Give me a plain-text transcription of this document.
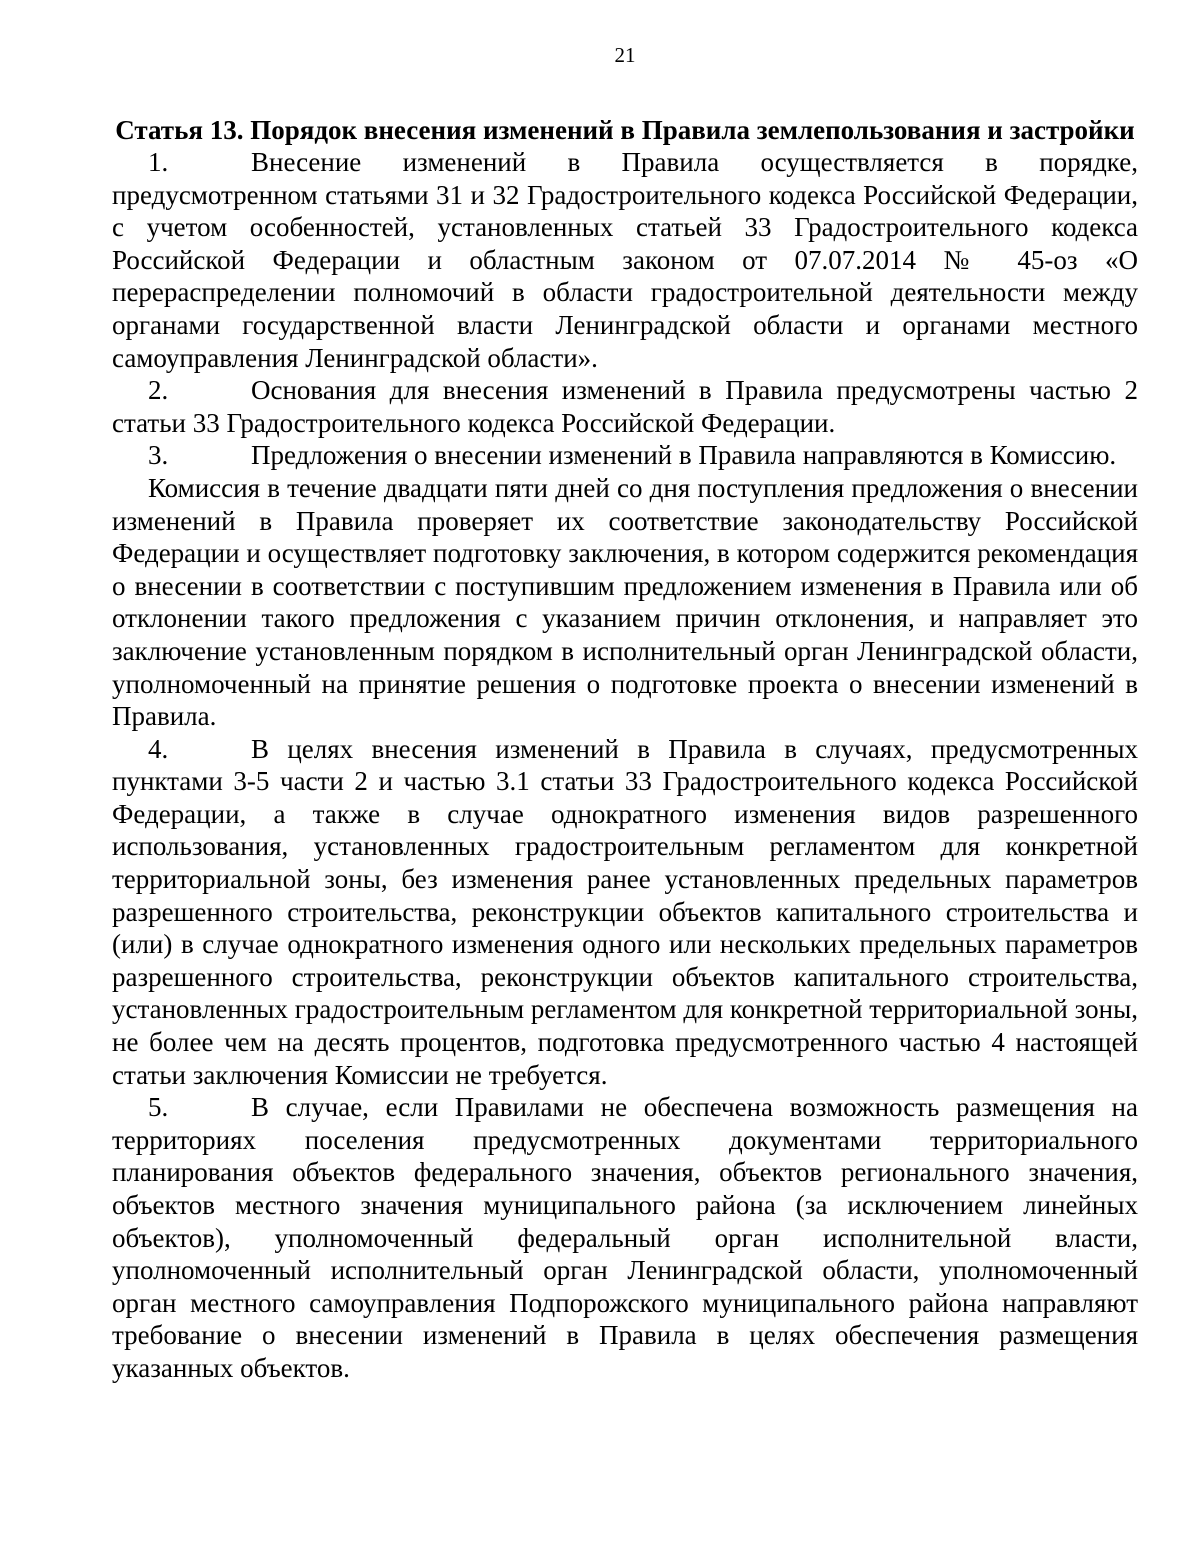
21
Статья 13. Порядок внесения изменений в Правила землепользования и застройки

1.	Внесение изменений в Правила осуществляется в порядке, предусмотренном статьями 31 и 32 Градостроительного кодекса Российской Федерации, с учетом особенностей, установленных статьей 33 Градостроительного кодекса Российской Федерации и областным законом от 07.07.2014 № 45-оз «О перераспределении полномочий в области градостроительной деятельности между органами государственной власти Ленинградской области и органами местного самоуправления Ленинградской области».

2.	Основания для внесения изменений в Правила предусмотрены частью 2 статьи 33 Градостроительного кодекса Российской Федерации.

3.	Предложения о внесении изменений в Правила направляются в Комиссию.

Комиссия в течение двадцати пяти дней со дня поступления предложения о внесении изменений в Правила проверяет их соответствие законодательству Российской Федерации и осуществляет подготовку заключения, в котором содержится рекомендация о внесении в соответствии с поступившим предложением изменения в Правила или об отклонении такого предложения с указанием причин отклонения, и направляет это заключение установленным порядком в исполнительный орган Ленинградской области, уполномоченный на принятие решения о подготовке проекта о внесении изменений в Правила.

4.	В целях внесения изменений в Правила в случаях, предусмотренных пунктами 3-5 части 2 и частью 3.1 статьи 33 Градостроительного кодекса Российской Федерации, а также в случае однократного изменения видов разрешенного использования, установленных градостроительным регламентом для конкретной территориальной зоны, без изменения ранее установленных предельных параметров разрешенного строительства, реконструкции объектов капитального строительства и (или) в случае однократного изменения одного или нескольких предельных параметров разрешенного строительства, реконструкции объектов капитального строительства, установленных градостроительным регламентом для конкретной территориальной зоны, не более чем на десять процентов, подготовка предусмотренного частью 4 настоящей статьи заключения Комиссии не требуется.

5.	В случае, если Правилами не обеспечена возможность размещения на территориях поселения предусмотренных документами территориального планирования объектов федерального значения, объектов регионального значения, объектов местного значения муниципального района (за исключением линейных объектов), уполномоченный федеральный орган исполнительной власти, уполномоченный исполнительный орган Ленинградской области, уполномоченный орган местного самоуправления Подпорожского муниципального района направляют требование о внесении изменений в Правила в целях обеспечения размещения указанных объектов.
